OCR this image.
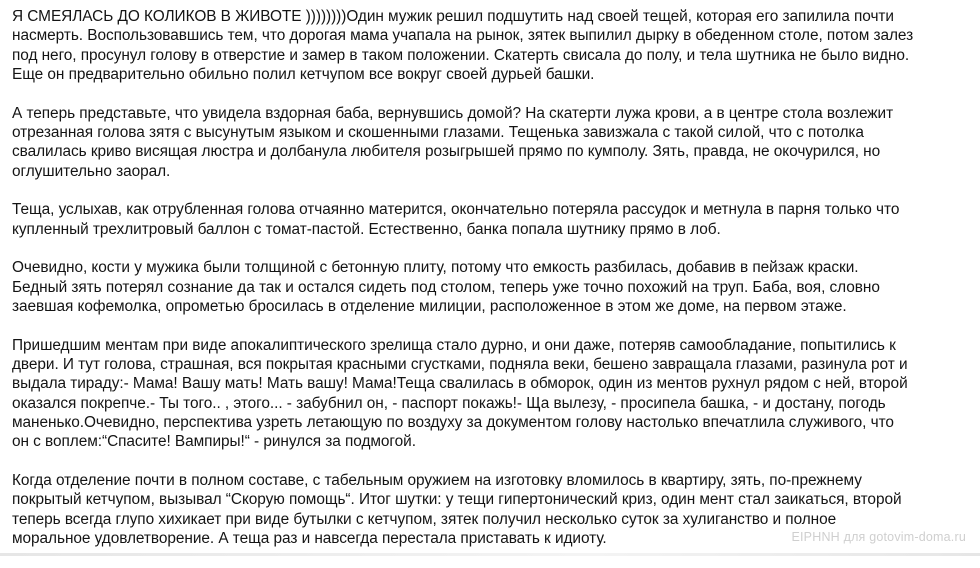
Я СМЕЯЛАСЬ ДО КОЛИКОВ В ЖИВОТЕ ))))))))Один мужик решил подшутить над своей тещей, которая его запилила почти
насмерть. Воспользовавшись тем, что дорогая мама учапала на рынок, зятек выпилил дырку в обеденном столе, потом залез
под него, просунул голову в отверстие и замер в таком положении. Скатерть свисала до полу, и тела шутника не было видно.
Еще он предварительно обильно полил кетчупом все вокруг своей дурьей башки.

А теперь представьте, что увидела вздорная баба, вернувшись домой? На скатерти лужа крови, а в центре стола возлежит
отрезанная голова зятя с высунутым языком и скошенными глазами. Тещенька завизжала с такой силой, что с потолка
свалилась криво висящая люстра и долбанула любителя розыгрышей прямо по кумполу. Зять, правда, не окочурился, но
оглушительно заорал.

Теща, услыхав, как отрубленная голова отчаянно матерится, окончательно потеряла рассудок и метнула в парня только что
купленный трехлитровый баллон с томат-пастой. Естественно, банка попала шутнику прямо в лоб.

Очевидно, кости у мужика были толщиной с бетонную плиту, потому что емкость разбилась, добавив в пейзаж краски.
Бедный зять потерял сознание да так и остался сидеть под столом, теперь уже точно похожий на труп. Баба, воя, словно
заевшая кофемолка, опрометью бросилась в отделение милиции, расположенное в этом же доме, на первом этаже.

Пришедшим ментам при виде апокалиптического зрелища стало дурно, и они даже, потеряв самообладание, попытились к
двери. И тут голова, страшная, вся покрытая красными сгустками, подняла веки, бешено завращала глазами, разинула рот и
выдала тираду:- Мама! Вашу мать! Мать вашу! Мама!Теща свалилась в обморок, один из ментов рухнул рядом с ней, второй
оказался покрепче.- Ты того.. , этого... - забубнил он, - паспорт покажь!- Ща вылезу, - просипела башка, - и достану, погодь
маненько.Очевидно, перспектива узреть летающую по воздуху за документом голову настолько впечатлила служивого, что
он с воплем:“Спасите! Вампиры!“ - ринулся за подмогой.

Когда отделение почти в полном составе, с табельным оружием на изготовку вломилось в квартиру, зять, по-прежнему
покрытый кетчупом, вызывал “Скорую помощь“. Итог шутки: у тещи гипертонический криз, один мент стал заикаться, второй
теперь всегда глупо хихикает при виде бутылки с кетчупом, зятек получил несколько суток за хулиганство и полное
моральное удовлетворение. А теща раз и навсегда перестала приставать к идиоту.	EIPHNH для gotovim-doma.ru
